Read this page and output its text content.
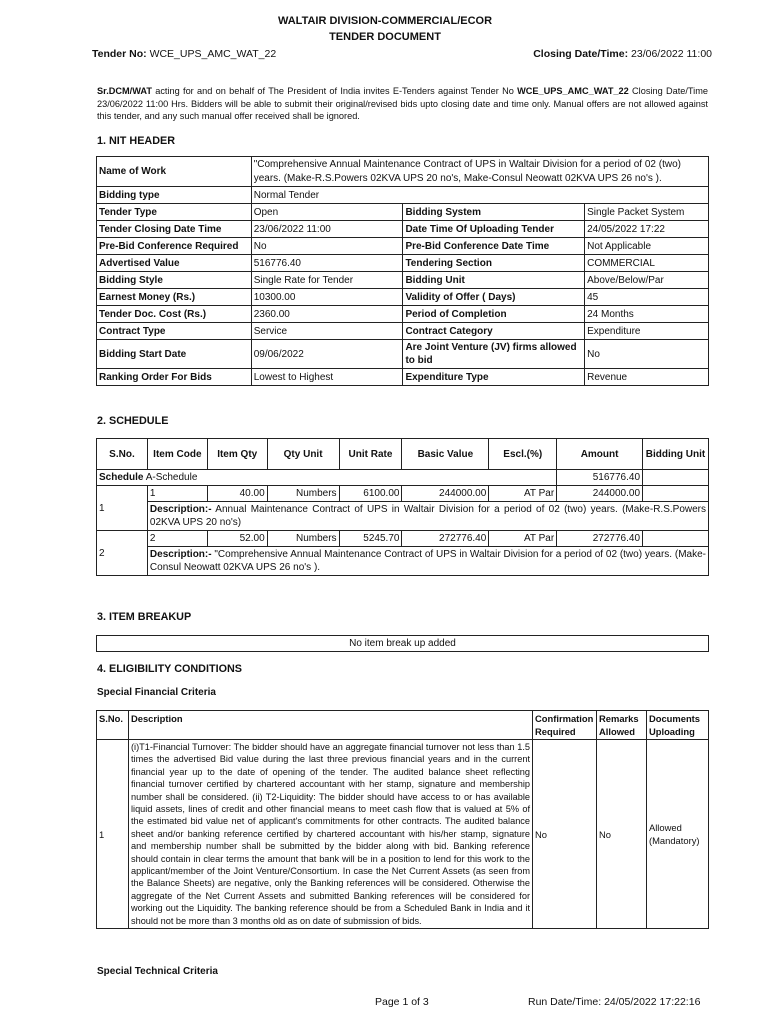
WALTAIR DIVISION-COMMERCIAL/ECOR
TENDER DOCUMENT
Tender No: WCE_UPS_AMC_WAT_22	Closing Date/Time: 23/06/2022 11:00
Sr.DCM/WAT acting for and on behalf of The President of India invites E-Tenders against Tender No WCE_UPS_AMC_WAT_22 Closing Date/Time 23/06/2022 11:00 Hrs. Bidders will be able to submit their original/revised bids upto closing date and time only. Manual offers are not allowed against this tender, and any such manual offer received shall be ignored.
1. NIT HEADER
Name of Work	"Comprehensive Annual Maintenance Contract of UPS in Waltair Division for a period of 02 (two) years. (Make-R.S.Powers 02KVA UPS 20 no's, Make-Consul Neowatt 02KVA UPS 26 no's ).		
Bidding type	Normal Tender		
Tender Type	Open	Bidding System	Single Packet System
Tender Closing Date Time	23/06/2022 11:00	Date Time Of Uploading Tender	24/05/2022 17:22
Pre-Bid Conference Required	No	Pre-Bid Conference Date Time	Not Applicable
Advertised Value	516776.40	Tendering Section	COMMERCIAL
Bidding Style	Single Rate for Tender	Bidding Unit	Above/Below/Par
Earnest Money (Rs.)	10300.00	Validity of Offer ( Days)	45
Tender Doc. Cost (Rs.)	2360.00	Period of Completion	24 Months
Contract Type	Service	Contract Category	Expenditure
Bidding Start Date	09/06/2022	Are Joint Venture (JV) firms allowed to bid	No
Ranking Order For Bids	Lowest to Highest	Expenditure Type	Revenue
2. SCHEDULE
S.No.	Item Code	Item Qty	Qty Unit	Unit Rate	Basic Value	Escl.(%)	Amount	Bidding Unit
Schedule A-Schedule							516776.40	
1	1	40.00	Numbers	6100.00	244000.00	AT Par	244000.00	
	Description:- Annual Maintenance Contract of UPS in Waltair Division for a period of 02 (two) years. (Make-R.S.Powers 02KVA UPS 20 no's)							
2	2	52.00	Numbers	5245.70	272776.40	AT Par	272776.40	
	Description:- "Comprehensive Annual Maintenance Contract of UPS in Waltair Division for a period of 02 (two) years. (Make-Consul Neowatt 02KVA UPS 26 no's ).							
3. ITEM BREAKUP
No item break up added
4. ELIGIBILITY CONDITIONS
Special Financial Criteria
S.No.	Description	Confirmation Required	Remarks Allowed	Documents Uploading
1	(i)T1-Financial Turnover: The bidder should have an aggregate financial turnover not less than 1.5 times the advertised Bid value during the last three previous financial years and in the current financial year up to the date of opening of the tender. The audited balance sheet reflecting financial turnover certified by chartered accountant with her stamp, signature and membership number shall be considered. (ii) T2-Liquidity: The bidder should have access to or has available liquid assets, lines of credit and other financial means to meet cash flow that is valued at 5% of the estimated bid value net of applicant's commitments for other contracts. The audited balance sheet and/or banking reference certified by chartered accountant with his/her stamp, signature and membership number shall be submitted by the bidder along with bid. Banking reference should contain in clear terms the amount that bank will be in a position to lend for this work to the applicant/member of the Joint Venture/Consortium. In case the Net Current Assets (as seen from the Balance Sheets) are negative, only the Banking references will be considered. Otherwise the aggregate of the Net Current Assets and submitted Banking references will be considered for working out the Liquidity. The banking reference should be from a Scheduled Bank in India and it should not be more than 3 months old as on date of submission of bids.	No	No	Allowed (Mandatory)
Special Technical Criteria
Page 1 of 3	Run Date/Time: 24/05/2022 17:22:16
